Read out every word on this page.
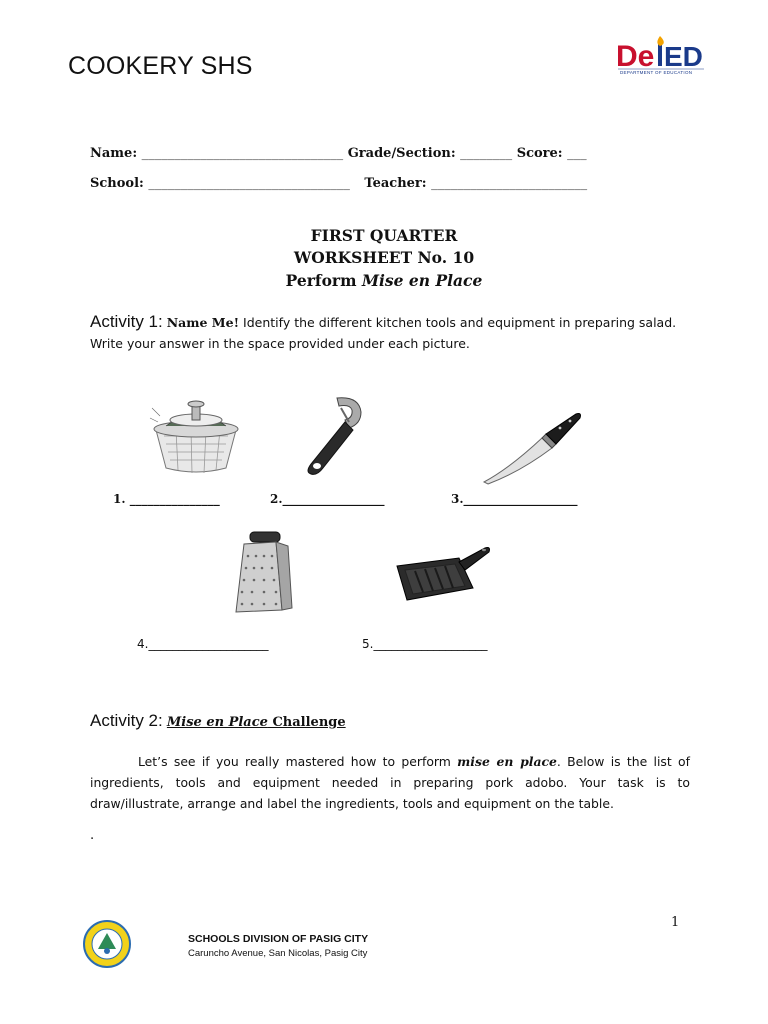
COOKERY SHS	De ED
DEPARTMENT OF EDUCATION
Name: _______________________________ Grade/Section: ________ Score: ___
School: _______________________________ Teacher: ________________________
FIRST QUARTER
WORKSHEET No. 10
Perform Mise en Place
Activity 1: Name Me! Identify the different kitchen tools and equipment in preparing salad. Write your answer in the space provided under each picture.
1. _______________	2._________________	3.___________________
4.____________________	5.___________________
Activity 2: Mise en Place Challenge
Let’s see if you really mastered how to perform mise en place. Below is the list of ingredients, tools and equipment needed in preparing pork adobo. Your task is to draw/illustrate, arrange and label the ingredients, tools and equipment on the table.
.
1
SCHOOLS DIVISION OF PASIG CITY
Caruncho Avenue, San Nicolas, Pasig City
